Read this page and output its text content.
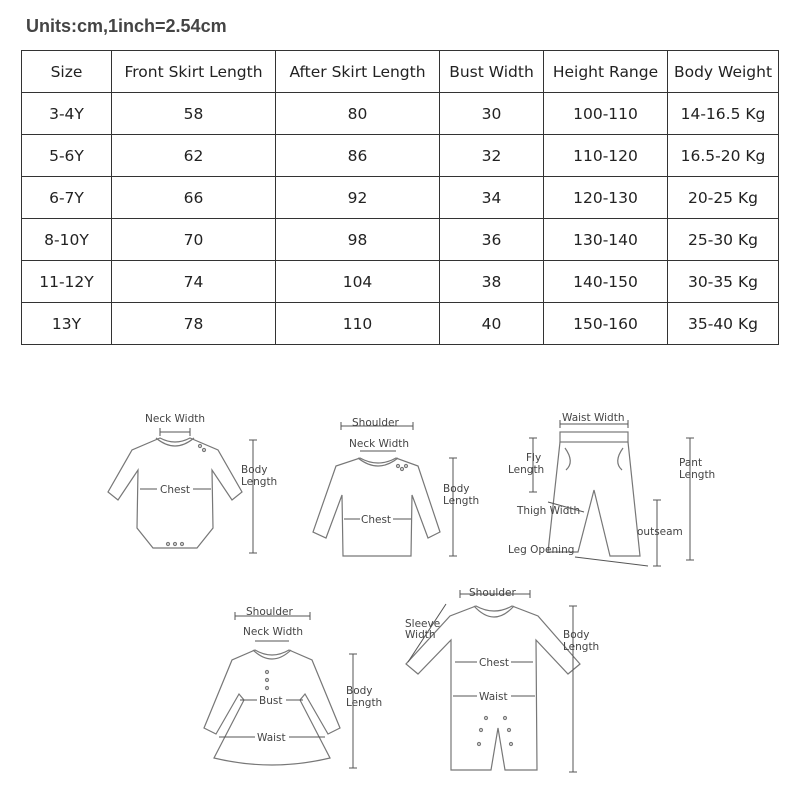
Units:cm,1inch=2.54cm
Size	Front Skirt Length	After Skirt Length	Bust Width	Height Range	Body Weight
3-4Y	58	80	30	100-110	14-16.5 Kg
5-6Y	62	86	32	110-120	16.5-20 Kg
6-7Y	66	92	34	120-130	20-25 Kg
8-10Y	70	98	36	130-140	25-30 Kg
11-12Y	74	104	38	140-150	30-35 Kg
13Y	78	110	40	150-160	35-40 Kg
Neck Width
Body
Length
Chest
Shoulder
Neck Width
Body
Length
Chest
Waist Width
Fly
Length
Pant
Length
Thigh Width
outseam
Leg Opening
Shoulder
Neck Width
Body
Length
Bust
Waist
Shoulder
Sleeve
Width	Body
Length
Chest
Waist
